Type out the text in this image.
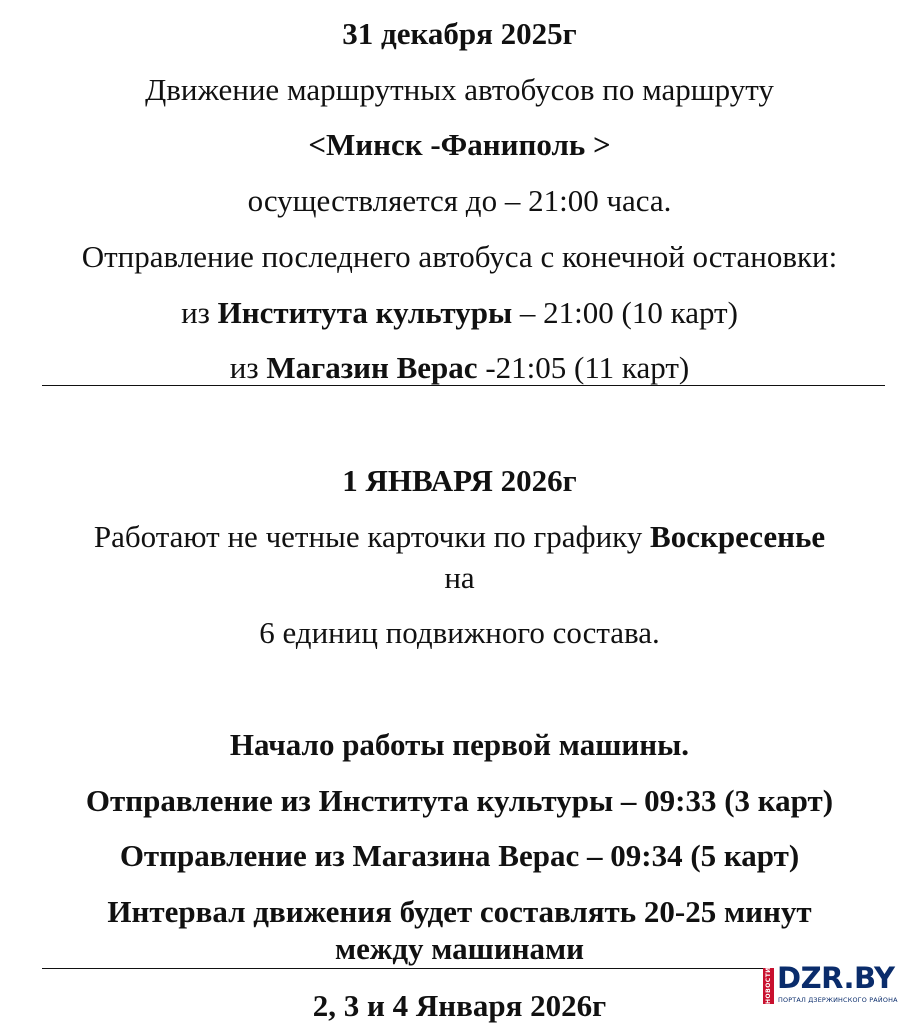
31 декабря 2025г
Движение маршрутных автобусов по маршруту
<Минск -Фаниполь >
осуществляется до – 21:00 часа.
Отправление последнего автобуса с конечной остановки:
из Института культуры – 21:00 (10 карт)
из Магазин Верас -21:05 (11 карт)
1 ЯНВАРЯ 2026г
Работают не четные карточки по графику Воскресенье
на
6 единиц подвижного состава.
Начало работы первой машины.
Отправление из Института культуры – 09:33 (3 карт)
Отправление из Магазина Верас – 09:34 (5 карт)
Интервал движения будет составлять 20-25 минут
между машинами
2, 3 и 4 Января 2026г
НОВОСТИ DZR.BY
ПОРТАЛ ДЗЕРЖИНСКОГО РАЙОНА
